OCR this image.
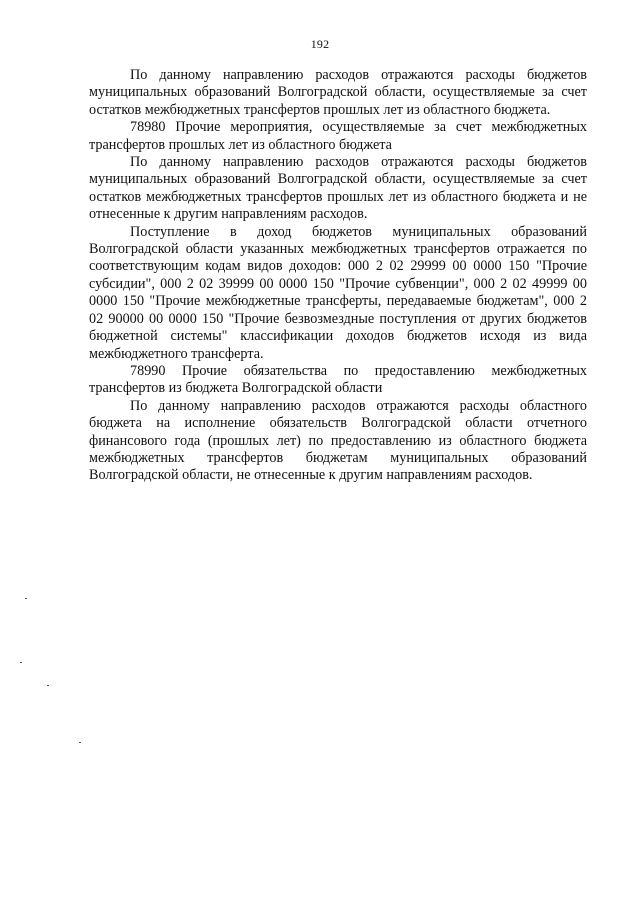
192

По данному направлению расходов отражаются расходы бюджетов муниципальных образований Волгоградской области, осуществляемые за счет остатков межбюджетных трансфертов прошлых лет из областного бюджета.

78980 Прочие мероприятия, осуществляемые за счет межбюджетных трансфертов прошлых лет из областного бюджета

По данному направлению расходов отражаются расходы бюджетов муниципальных образований Волгоградской области, осуществляемые за счет остатков межбюджетных трансфертов прошлых лет из областного бюджета и не отнесенные к другим направлениям расходов.

Поступление в доход бюджетов муниципальных образований Волгоградской области указанных межбюджетных трансфертов отражается по соответствующим кодам видов доходов: 000 2 02 29999 00 0000 150 "Прочие субсидии", 000 2 02 39999 00 0000 150 "Прочие субвенции", 000 2 02 49999 00 0000 150 "Прочие межбюджетные трансферты, передаваемые бюджетам", 000 2 02 90000 00 0000 150 "Прочие безвозмездные поступления от других бюджетов бюджетной системы" классификации доходов бюджетов исходя из вида межбюджетного трансферта.

78990 Прочие обязательства по предоставлению межбюджетных трансфертов из бюджета Волгоградской области

По данному направлению расходов отражаются расходы областного бюджета на исполнение обязательств Волгоградской области отчетного финансового года (прошлых лет) по предоставлению из областного бюджета межбюджетных трансфертов бюджетам муниципальных образований Волгоградской области, не отнесенные к другим направлениям расходов.
